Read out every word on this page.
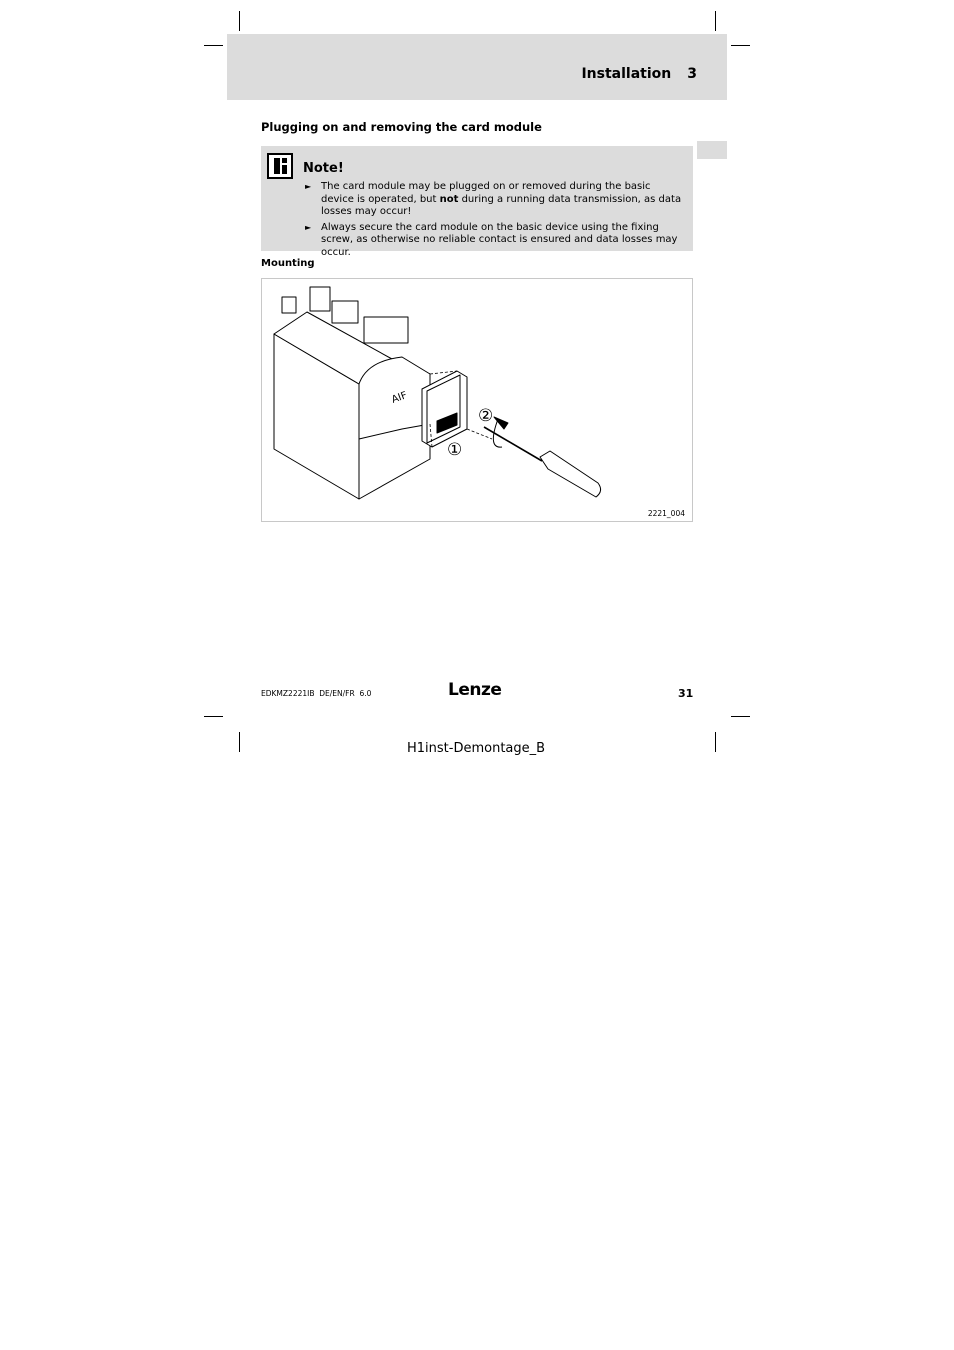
Installation 3
Plugging on and removing the card module
Note!
► The card module may be plugged on or removed during the basic device is operated, but not during a running data transmission, as data losses may occur!
► Always secure the card module on the basic device using the fixing screw, as otherwise no reliable contact is ensured and data losses may occur.
Mounting
②
①
AIF
2221_004
EDKMZ2221IB  DE/EN/FR  6.0	Lenze	31
H1inst-Demontage_B
